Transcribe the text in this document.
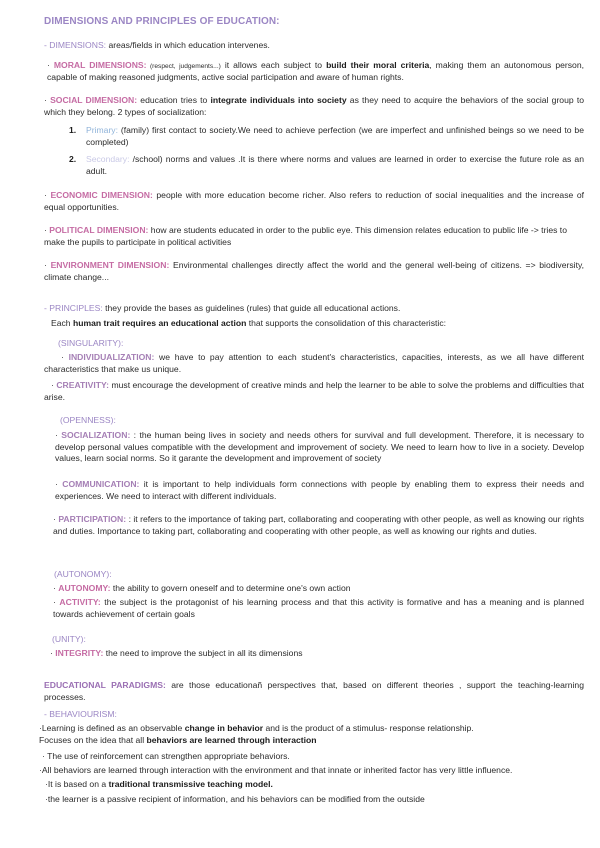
DIMENSIONS AND PRINCIPLES OF EDUCATION:
- DIMENSIONS: areas/fields in which education intervenes.
· MORAL DIMENSIONS: (respect, judgements...) it allows each subject to build their moral criteria, making them an autonomous person, capable of making reasoned judgments, active social participation and aware of human rights.
· SOCIAL DIMENSION: education tries to integrate individuals into society as they need to acquire the behaviors of the social group to which they belong. 2 types of socialization:
1. Primary: (family) first contact to society.We need to achieve perfection (we are imperfect and unfinished beings so we need to be completed)
2. Secondary: /school) norms and values .It is there where norms and values are learned in order to exercise the future role as an adult.
· ECONOMIC DIMENSION: people with more education become richer. Also refers to reduction of social inequalities and the increase of equal opportunities.
· POLITICAL DIMENSION: how are students educated in order to the public eye. This dimension relates education to public life -> tries to make the pupils to participate in political activities
· ENVIRONMENT DIMENSION: Environmental challenges directly affect the world and the general well-being of citizens. => biodiversity, climate change...
- PRINCIPLES: they provide the bases as guidelines (rules) that guide all educational actions.
Each human trait requires an educational action that supports the consolidation of this characteristic:
(SINGULARITY):
· INDIVIDUALIZATION: we have to pay attention to each student's characteristics, capacities, interests, as we all have different characteristics that make us unique.
· CREATIVITY: must encourage the development of creative minds and help the learner to be able to solve the problems and difficulties that arise.
(OPENNESS):
· SOCIALIZATION: : the human being lives in society and needs others for survival and full development. Therefore, it is necessary to develop personal values compatible with the development and improvement of society. We need to learn how to live in a society. Develop values, learn social norms. So it garante the development and improvement of society
· COMMUNICATION: it is important to help individuals form connections with people by enabling them to express their needs and experiences. We need to interact with different individuals.
· PARTICIPATION: : it refers to the importance of taking part, collaborating and cooperating with other people, as well as knowing our rights and duties. Importance to taking part, collaborating and cooperating with other people, as well as knowing our rights and duties.
(AUTONOMY):
· AUTONOMY: the ability to govern oneself and to determine one's own action
· ACTIVITY: the subject is the protagonist of his learning process and that this activity is formative and has a meaning and is planned towards achievement of certain goals
(UNITY):
· INTEGRITY: the need to improve the subject in all its dimensions
EDUCATIONAL PARADIGMS: are those educationañ perspectives that, based on different theories , support the teaching-learning processes.
- BEHAVIOURISM:
·Learning is defined as an observable change in behavior and is the product of a stimulus- response relationship. Focuses on the idea that all behaviors are learned through interaction
· The use of reinforcement can strengthen appropriate behaviors.
·All behaviors are learned through interaction with the environment and that innate or inherited factor has very little influence.
·It is based on a traditional transmissive teaching model.
·the learner is a passive recipient of information, and his behaviors can be modified from the outside
